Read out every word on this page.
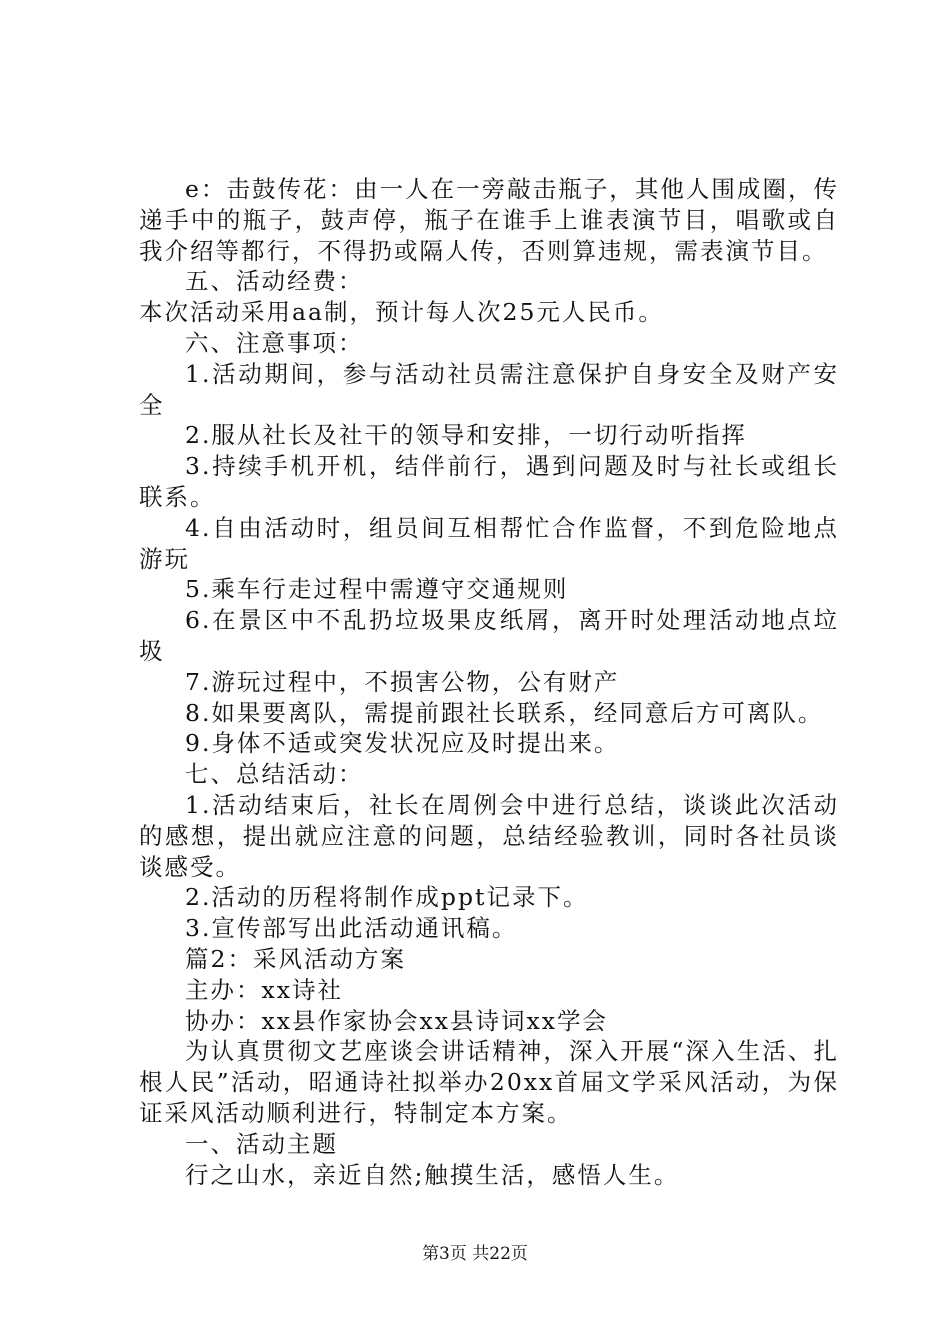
e：击鼓传花：由一人在一旁敲击瓶子，其他人围成圈，传递手中的瓶子，鼓声停，瓶子在谁手上谁表演节目，唱歌或自我介绍等都行，不得扔或隔人传，否则算违规，需表演节目。
五、活动经费：
本次活动采用aa制，预计每人次25元人民币。
六、注意事项：
1.活动期间，参与活动社员需注意保护自身安全及财产安全
2.服从社长及社干的领导和安排，一切行动听指挥
3.持续手机开机，结伴前行，遇到问题及时与社长或组长联系。
4.自由活动时，组员间互相帮忙合作监督，不到危险地点游玩
5.乘车行走过程中需遵守交通规则
6.在景区中不乱扔垃圾果皮纸屑，离开时处理活动地点垃圾
7.游玩过程中，不损害公物，公有财产
8.如果要离队，需提前跟社长联系，经同意后方可离队。
9.身体不适或突发状况应及时提出来。
七、总结活动：
1.活动结束后，社长在周例会中进行总结，谈谈此次活动的感想，提出就应注意的问题，总结经验教训，同时各社员谈谈感受。
2.活动的历程将制作成ppt记录下。
3.宣传部写出此活动通讯稿。
篇2：采风活动方案
主办：xx诗社
协办：xx县作家协会xx县诗词xx学会
为认真贯彻文艺座谈会讲话精神，深入开展“深入生活、扎根人民”活动，昭通诗社拟举办20xx首届文学采风活动，为保证采风活动顺利进行，特制定本方案。
一、活动主题
行之山水，亲近自然;触摸生活，感悟人生。
第3页 共22页
